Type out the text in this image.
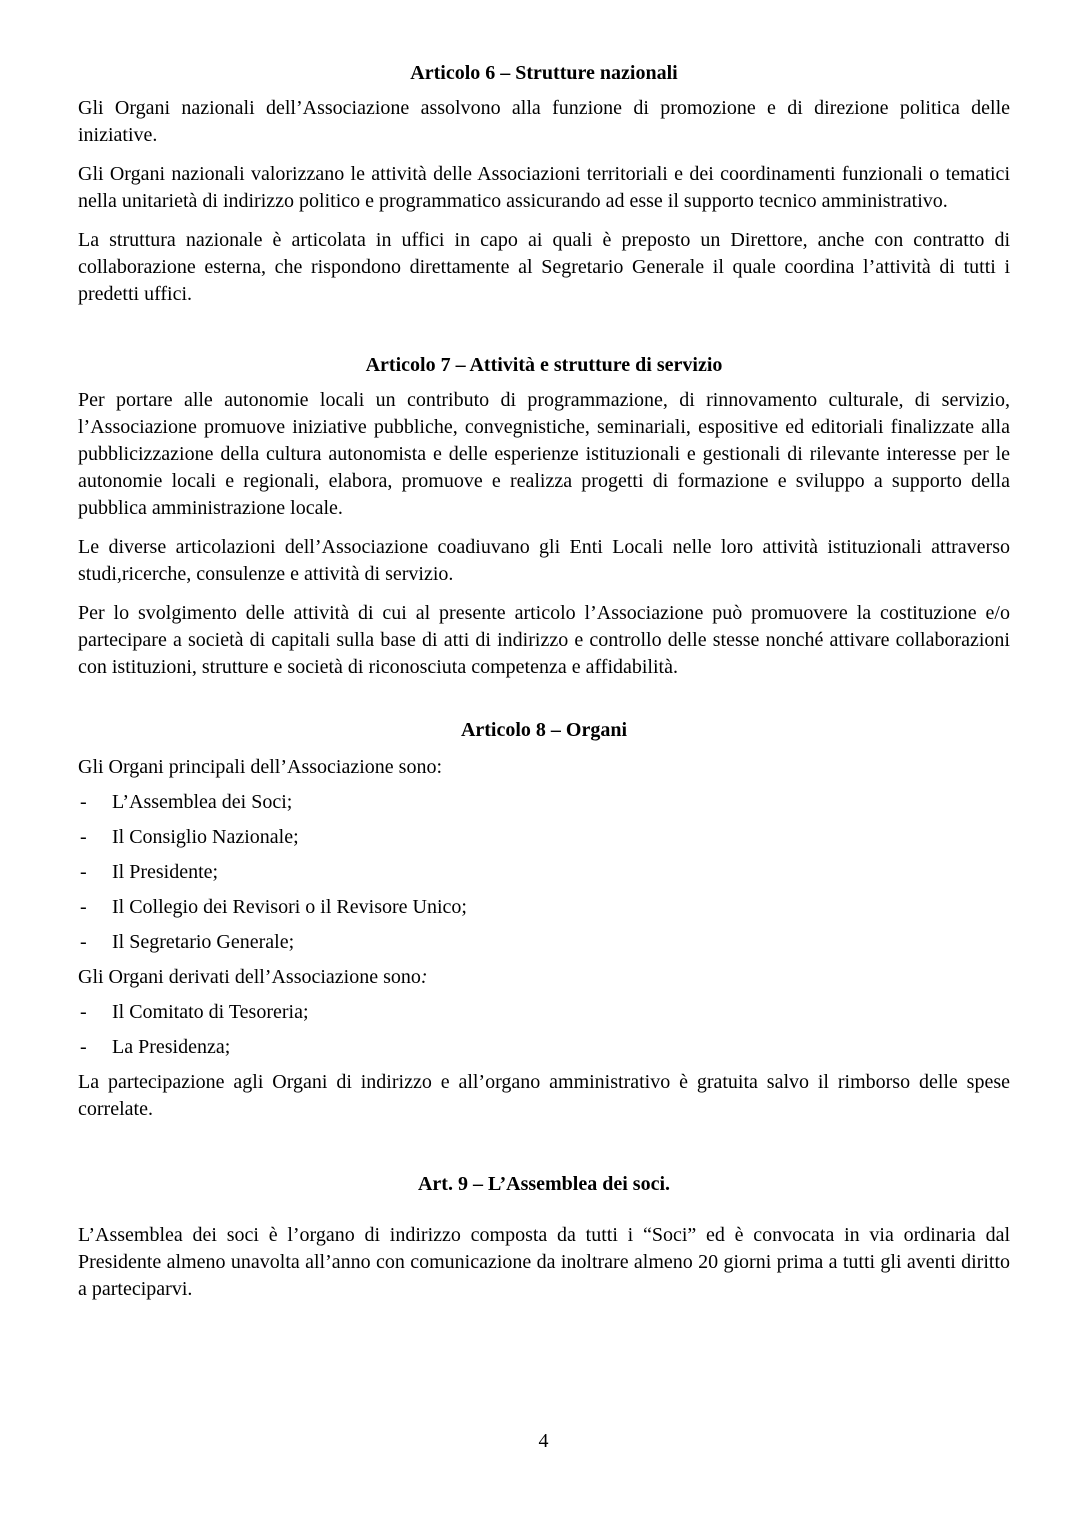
Articolo 6 – Strutture nazionali

Gli Organi nazionali dell’Associazione assolvono alla funzione di promozione e di direzione politica delle iniziative.

Gli Organi nazionali valorizzano le attività delle Associazioni territoriali e dei coordinamenti funzionali o tematici nella unitarietà di indirizzo politico e programmatico assicurando ad esse il supporto tecnico amministrativo.

La struttura nazionale è articolata in uffici in capo ai quali è preposto un Direttore, anche con contratto di collaborazione esterna, che rispondono direttamente al Segretario Generale il quale coordina l’attività di tutti i predetti uffici.

Articolo 7 – Attività e strutture di servizio

Per portare alle autonomie locali un contributo di programmazione, di rinnovamento culturale, di servizio, l’Associazione promuove iniziative pubbliche, convegnistiche, seminariali, espositive ed editoriali finalizzate alla pubblicizzazione della cultura autonomista e delle esperienze istituzionali e gestionali di rilevante interesse per le autonomie locali e regionali, elabora, promuove e realizza progetti di formazione e sviluppo a supporto della pubblica amministrazione locale.

Le diverse articolazioni dell’Associazione coadiuvano gli Enti Locali nelle loro attività istituzionali attraverso studi,ricerche, consulenze e attività di servizio.

Per lo svolgimento delle attività di cui al presente articolo l’Associazione può promuovere la costituzione e/o partecipare a società di capitali sulla base di atti di indirizzo e controllo delle stesse nonché attivare collaborazioni con istituzioni, strutture e società di riconosciuta competenza e affidabilità.

Articolo 8 – Organi

Gli Organi principali dell’Associazione sono:

-	L’Assemblea dei Soci;
-	Il Consiglio Nazionale;
-	Il Presidente;
-	Il Collegio dei Revisori o il Revisore Unico;
-	Il Segretario Generale;

Gli Organi derivati dell’Associazione sono:

-	Il Comitato di Tesoreria;
-	La Presidenza;

La partecipazione agli Organi di indirizzo e all’organo amministrativo è gratuita salvo il rimborso delle spese correlate.

Art. 9 – L’Assemblea dei soci.

L’Assemblea dei soci è l’organo di indirizzo composta da tutti i “Soci” ed è convocata in via ordinaria dal Presidente almeno unavolta all’anno con comunicazione da inoltrare almeno 20 giorni prima a tutti gli aventi diritto a parteciparvi.

4
